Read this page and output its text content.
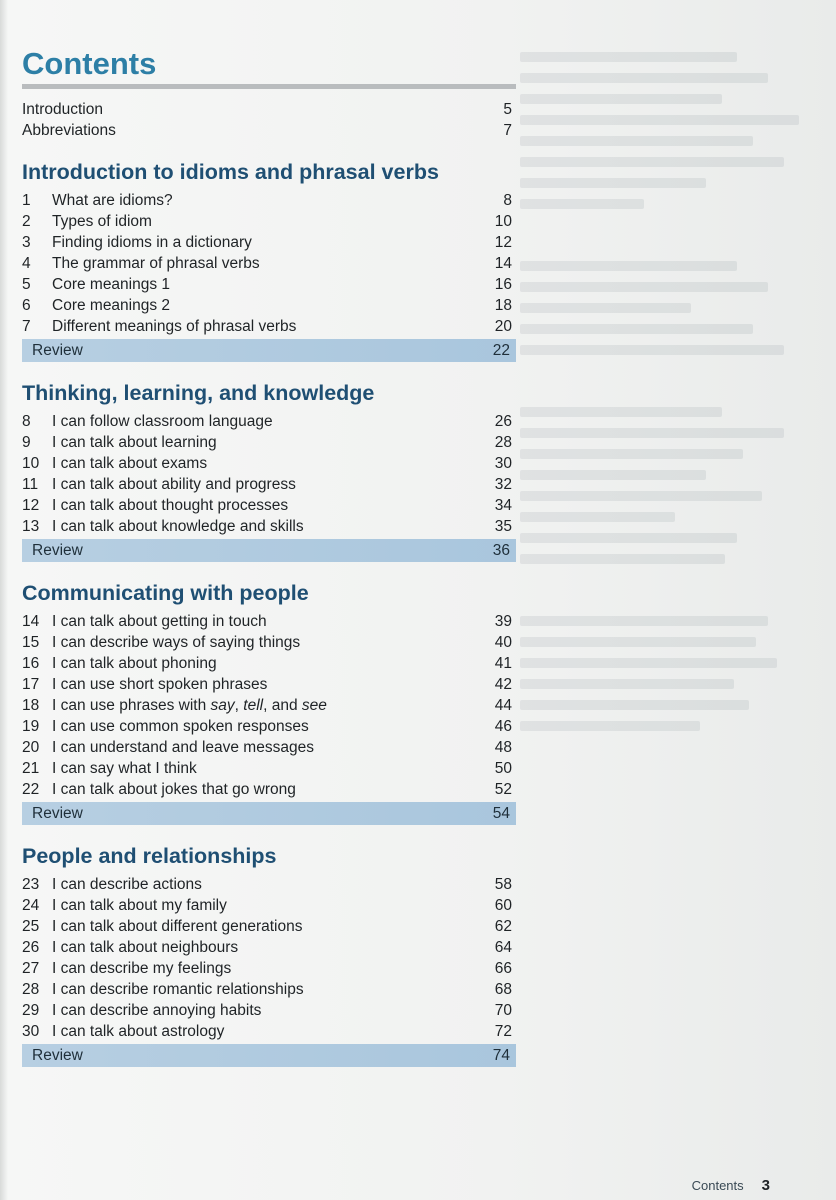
Contents
Introduction	5
Abbreviations	7
Introduction to idioms and phrasal verbs
1	What are idioms?	8
2	Types of idiom	10
3	Finding idioms in a dictionary	12
4	The grammar of phrasal verbs	14
5	Core meanings 1	16
6	Core meanings 2	18
7	Different meanings of phrasal verbs	20
Review	22
Thinking, learning, and knowledge
8	I can follow classroom language	26
9	I can talk about learning	28
10 I can talk about exams	30
11 I can talk about ability and progress	32
12 I can talk about thought processes	34
13 I can talk about knowledge and skills	35
Review	36
Communicating with people
14 I can talk about getting in touch	39
15 I can describe ways of saying things	40
16 I can talk about phoning	41
17 I can use short spoken phrases	42
18 I can use phrases with say, tell, and see	44
19 I can use common spoken responses	46
20 I can understand and leave messages	48
21 I can say what I think	50
22 I can talk about jokes that go wrong	52
Review	54
People and relationships
23 I can describe actions	58
24 I can talk about my family	60
25 I can talk about different generations	62
26 I can talk about neighbours	64
27 I can describe my feelings	66
28 I can describe romantic relationships	68
29 I can describe annoying habits	70
30 I can talk about astrology	72
Review	74
Contents 3
